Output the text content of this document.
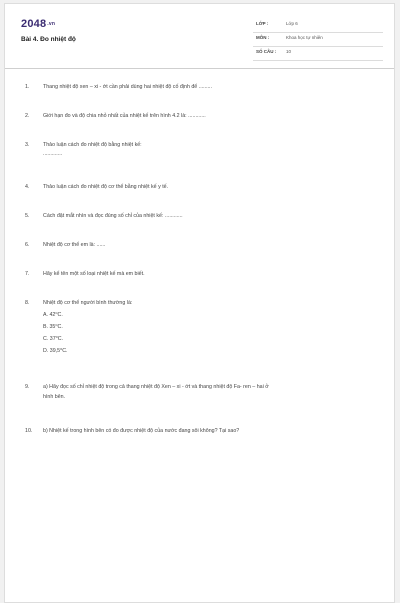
2048.vn
Bài 4. Đo nhiệt độ
LỚP :	Lớp 6
MÔN :	Khoa học tự nhiên
SỐ CÂU : 10
1.	Thang nhiệt độ xen – xi - ớt cần phải dùng hai nhiệt độ cố định để .........
2.	Giới hạn đo và độ chia nhỏ nhất của nhiệt kế trên hình 4.2 là: ............
3.	Thảo luận cách đo nhiệt độ bằng nhiệt kế:
.............
4.	Thảo luận cách đo nhiệt độ cơ thể bằng nhiệt kế y tế.
5.	Cách đặt mắt nhìn và đọc đúng số chỉ của nhiệt kế: ............
6.	Nhiệt độ cơ thể em là: ......
7.	Hãy kể tên một số loại nhiệt kế mà em biết.
8.	Nhiệt độ cơ thể người bình thường là:
A. 42⁰C.
B. 35⁰C.
C. 37⁰C.
D. 39,5⁰C.
9.	a) Hãy đọc số chỉ nhiệt độ trong cả thang nhiệt độ Xen – xi - ớt và thang nhiệt độ Fa- ren – hai ở
hình bên.
10.	b) Nhiệt kế trong hình bên có đo được nhiệt độ của nước đang sôi không? Tại sao?
